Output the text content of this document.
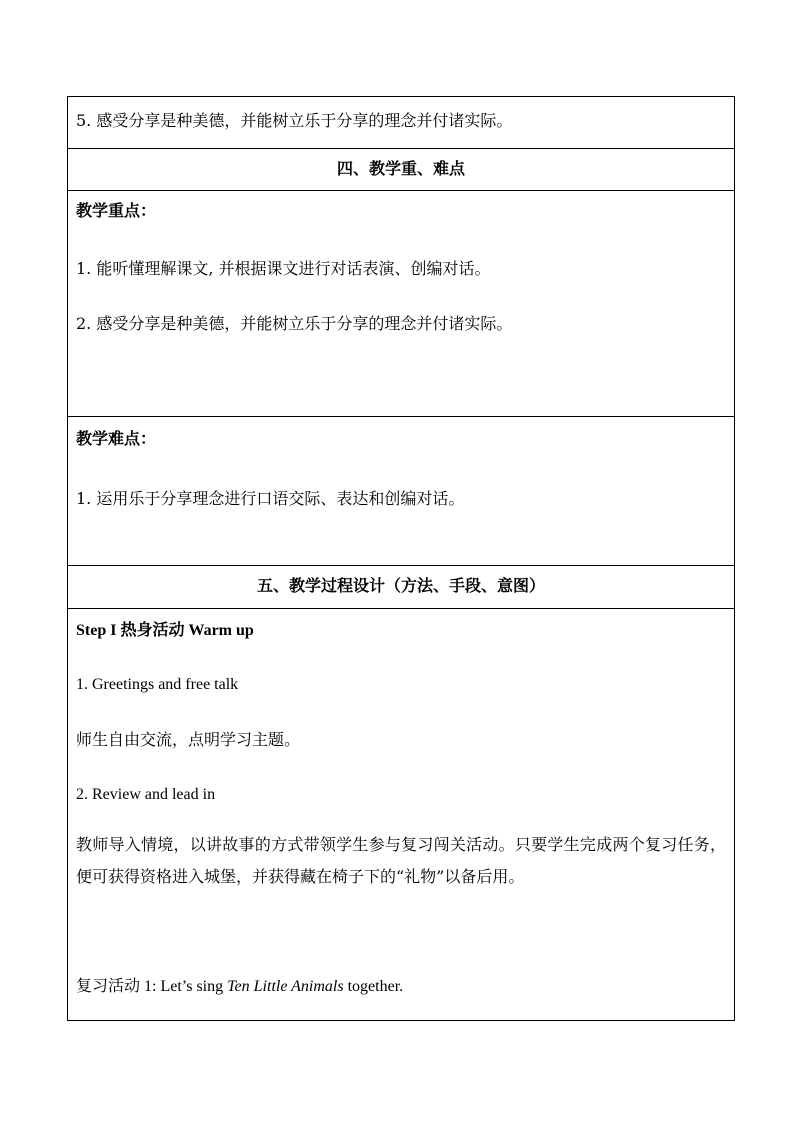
5. 感受分享是种美德，并能树立乐于分享的理念并付诸实际。
四、教学重、难点
教学重点：
1. 能听懂理解课文, 并根据课文进行对话表演、创编对话。
2. 感受分享是种美德，并能树立乐于分享的理念并付诸实际。
教学难点：
1. 运用乐于分享理念进行口语交际、表达和创编对话。
五、教学过程设计（方法、手段、意图）
Step I 热身活动 Warm up
1. Greetings and free talk
师生自由交流，点明学习主题。
2. Review and lead in
教师导入情境，以讲故事的方式带领学生参与复习闯关活动。只要学生完成两个复习任务，便可获得资格进入城堡，并获得藏在椅子下的“礼物”以备后用。
复习活动 1: Let’s sing Ten Little Animals together.
